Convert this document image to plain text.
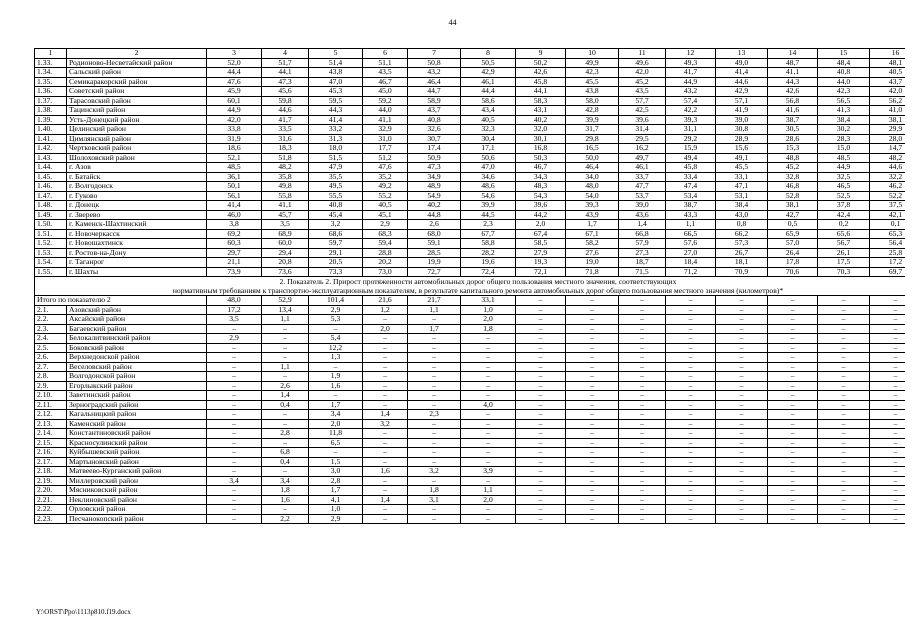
44
1	2	3	4	5	6	7	8	9	10	11	12	13	14	15	16
1.33.	Родионово-Несветайский район	52,0	51,7	51,4	51,1	50,8	50,5	50,2	49,9	49,6	49,3	49,0	48,7	48,4	48,1
1.34.	Сальский район	44,4	44,1	43,8	43,5	43,2	42,9	42,6	42,3	42,0	41,7	41,4	41,1	40,8	40,5
1.35.	Семикаракорский район	47,6	47,3	47,0	46,7	46,4	46,1	45,8	45,5	45,2	44,9	44,6	44,3	44,0	43,7
1.36.	Советский район	45,9	45,6	45,3	45,0	44,7	44,4	44,1	43,8	43,5	43,2	42,9	42,6	42,3	42,0
1.37.	Тарасовский район	60,1	59,8	59,5	59,2	58,9	58,6	58,3	58,0	57,7	57,4	57,1	56,8	56,5	56,2
1.38.	Тацинский район	44,9	44,6	44,3	44,0	43,7	43,4	43,1	42,8	42,5	42,2	41,9	41,6	41,3	41,0
1.39.	Усть-Донецкий район	42,0	41,7	41,4	41,1	40,8	40,5	40,2	39,9	39,6	39,3	39,0	38,7	38,4	38,1
1.40.	Целинский район	33,8	33,5	33,2	32,9	32,6	32,3	32,0	31,7	31,4	31,1	30,8	30,5	30,2	29,9
1.41.	Цимлянский район	31,9	31,6	31,3	31,0	30,7	30,4	30,1	29,8	29,5	29,2	28,9	28,6	28,3	28,0
1.42.	Чертковский район	18,6	18,3	18,0	17,7	17,4	17,1	16,8	16,5	16,2	15,9	15,6	15,3	15,0	14,7
1.43.	Шолоховский район	52,1	51,8	51,5	51,2	50,9	50,6	50,3	50,0	49,7	49,4	49,1	48,8	48,5	48,2
1.44.	г. Азов	48,5	48,2	47,9	47,6	47,3	47,0	46,7	46,4	46,1	45,8	45,5	45,2	44,9	44,6
1.45.	г. Батайск	36,1	35,8	35,5	35,2	34,9	34,6	34,3	34,0	33,7	33,4	33,1	32,8	32,5	32,2
1.46.	г. Волгодонск	50,1	49,8	49,5	49,2	48,9	48,6	48,3	48,0	47,7	47,4	47,1	46,8	46,5	46,2
1.47.	г. Гуково	56,1	55,8	55,5	55,2	54,9	54,6	54,3	54,0	53,7	53,4	53,1	52,8	52,5	52,2
1.48.	г. Донецк	41,4	41,1	40,8	40,5	40,2	39,9	39,6	39,3	39,0	38,7	38,4	38,1	37,8	37,5
1.49.	г. Зверево	46,0	45,7	45,4	45,1	44,8	44,5	44,2	43,9	43,6	43,3	43,0	42,7	42,4	42,1
1.50.	г. Каменск-Шахтинский	3,8	3,5	3,2	2,9	2,6	2,3	2,0	1,7	1,4	1,1	0,8	0,5	0,2	0,1
1.51.	г. Новочеркасск	69,2	68,9	68,6	68,3	68,0	67,7	67,4	67,1	66,8	66,5	66,2	65,9	65,6	65,3
1.52.	г. Новошахтинск	60,3	60,0	59,7	59,4	59,1	58,8	58,5	58,2	57,9	57,6	57,3	57,0	56,7	56,4
1.53.	г. Ростов-на-Дону	29,7	29,4	29,1	28,8	28,5	28,2	27,9	27,6	27,3	27,0	26,7	26,4	26,1	25,8
1.54.	г. Таганрог	21,1	20,8	20,5	20,2	19,9	19,6	19,3	19,0	18,7	18,4	18,1	17,8	17,5	17,2
1.55.	г. Шахты	73,9	73,6	73,3	73,0	72,7	72,4	72,1	71,8	71,5	71,2	70,9	70,6	70,3	69,7

2. Показатель 2. Прирост протяженности автомобильных дорог общего пользования местного значения, соответствующих
нормативным требованиям к транспортно-эксплуатационным показателям, в результате капитального ремонта автомобильных дорог общего пользования местного значения (километров)*															

Итого по показателю 2		48,0	52,9	101,4	21,6	21,7	33,1	–	–	–	–	–	–	–	–
2.1.	Азовский район	17,2	13,4	2,9	1,2	1,1	1,0	–	–	–	–	–	–	–	–
2.2.	Аксайский район	3,5	1,1	5,3	–	–	2,0	–	–	–	–	–	–	–	–
2.3.	Багаевский район	–	–	–	2,0	1,7	1,8	–	–	–	–	–	–	–	–
2.4.	Белокалитвинский район	2,9	–	5,4	–	–	–	–	–	–	–	–	–	–	–
2.5.	Боковский район	–	–	12,2	–	–	–	–	–	–	–	–	–	–	–
2.6.	Верхнедонской район	–	–	1,3	–	–	–	–	–	–	–	–	–	–	–
2.7.	Веселовский район	–	1,1	–	–	–	–	–	–	–	–	–	–	–	–
2.8.	Волгодонской район	–	–	1,9	–	–	–	–	–	–	–	–	–	–	–
2.9.	Егорлыкский район	–	2,6	1,6	–	–	–	–	–	–	–	–	–	–	–
2.10.	Заветинский район	–	1,4	–	–	–	–	–	–	–	–	–	–	–	–
2.11.	Зерноградский район	–	0,4	1,7	–	–	4,0	–	–	–	–	–	–	–	–
2.12.	Кагальницкий район	–	–	3,4	1,4	2,3	–	–	–	–	–	–	–	–	–
2.13.	Каменский район	–	–	2,0	3,2	–	–	–	–	–	–	–	–	–	–
2.14.	Константиновский район	–	2,8	11,8	–	–	–	–	–	–	–	–	–	–	–
2.15.	Красносулинский район	–	–	6,5	–	–	–	–	–	–	–	–	–	–	–
2.16.	Куйбышевский район	–	6,8	–	–	–	–	–	–	–	–	–	–	–	–
2.17.	Мартыновский район	–	0,4	1,5	–	–	–	–	–	–	–	–	–	–	–
2.18.	Матвеево-Курганский район	–	–	3,0	1,6	3,2	3,9	–	–	–	–	–	–	–	–
2.19.	Миллеровский район	3,4	3,4	2,8	–	–	–	–	–	–	–	–	–	–	–
2.20.	Мясниковский район	–	1,8	1,7	–	1,8	1,1	–	–	–	–	–	–	–	–
2.21.	Неклиновский район	–	1,6	4,1	1,4	3,1	2,0	–	–	–	–	–	–	–	–
2.22.	Орловский район	–	–	1,0	–	–	–	–	–	–	–	–	–	–	–
2.23.	Песчанокопский район	–	2,2	2,9	–	–	–	–	–	–	–	–	–	–	–
Y:\ORST\Ppo\1113p810.f19.docx
